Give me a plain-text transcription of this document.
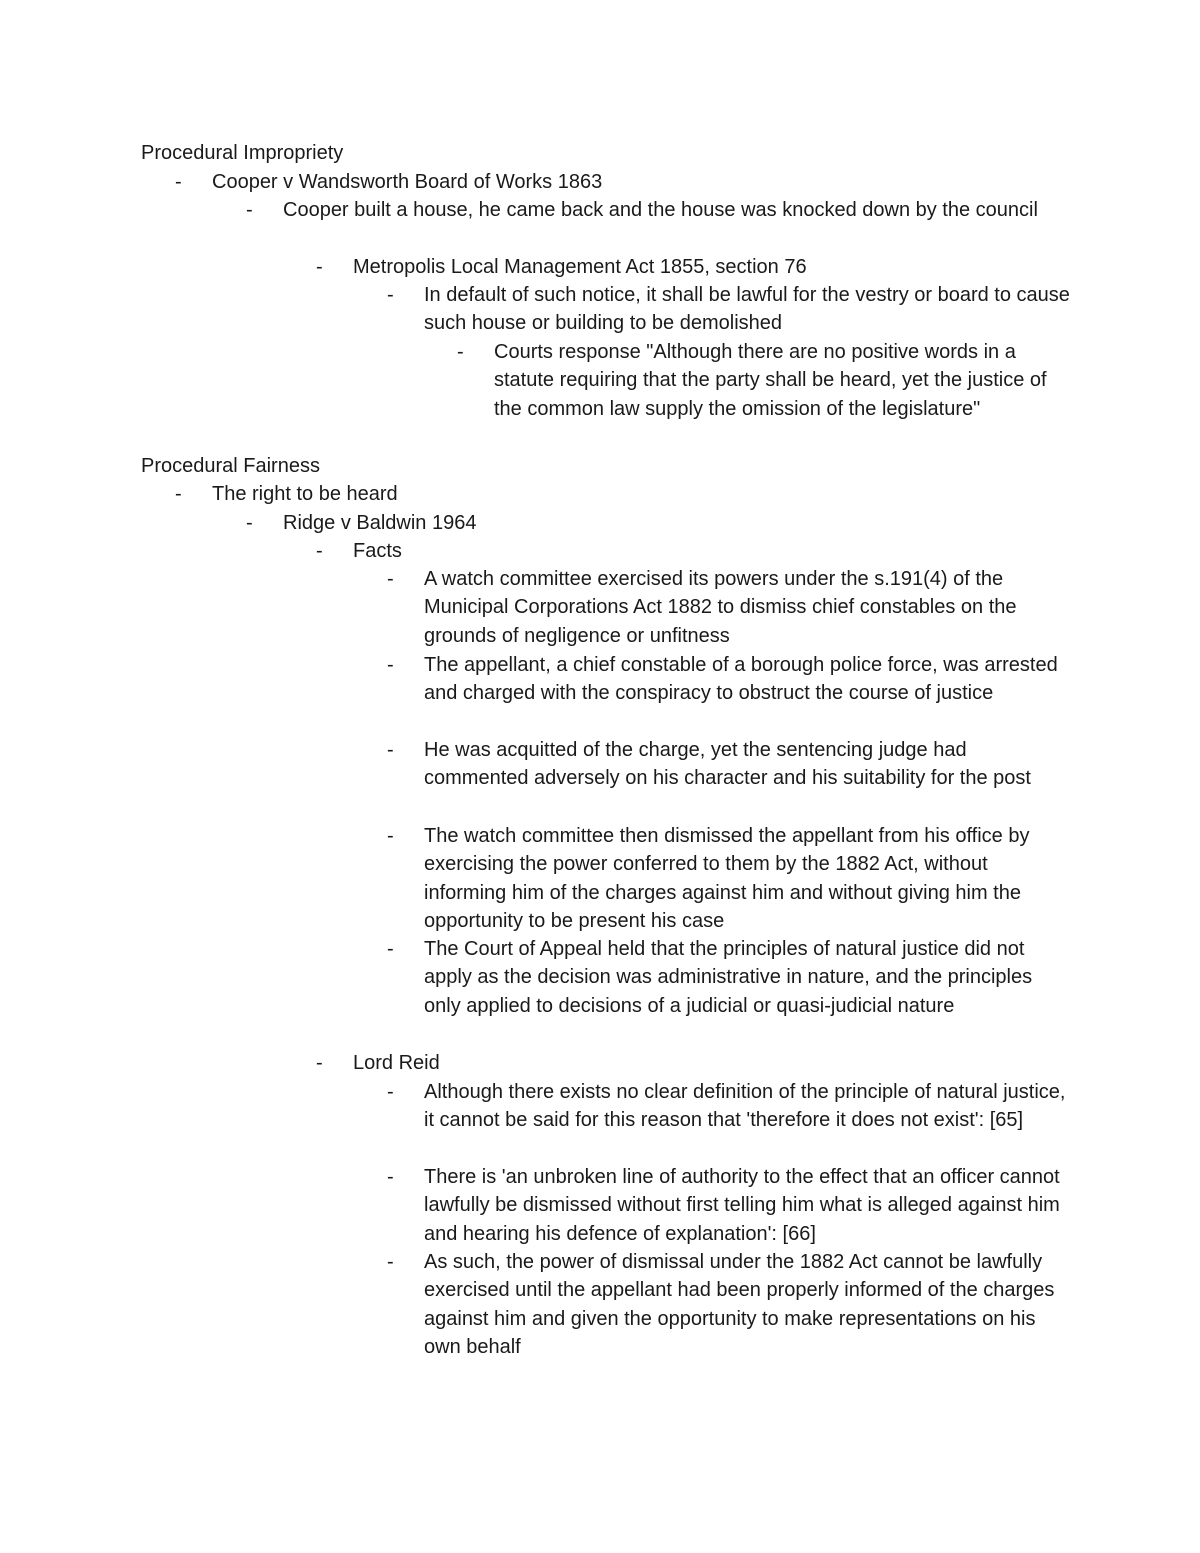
Procedural Impropriety
- Cooper v Wandsworth Board of Works 1863
- Cooper built a house, he came back and the house was knocked down by the council
- Metropolis Local Management Act 1855, section 76
- In default of such notice, it shall be lawful for the vestry or board to cause such house or building to be demolished
- Courts response "Although there are no positive words in a statute requiring that the party shall be heard, yet the justice of the common law supply the omission of the legislature"
Procedural Fairness
- The right to be heard
- Ridge v Baldwin 1964
- Facts
- A watch committee exercised its powers under the s.191(4) of the Municipal Corporations Act 1882 to dismiss chief constables on the grounds of negligence or unfitness
- The appellant, a chief constable of a borough police force, was arrested and charged with the conspiracy to obstruct the course of justice
- He was acquitted of the charge, yet the sentencing judge had commented adversely on his character and his suitability for the post
- The watch committee then dismissed the appellant from his office by exercising the power conferred to them by the 1882 Act, without informing him of the charges against him and without giving him the opportunity to be present his case
- The Court of Appeal held that the principles of natural justice did not apply as the decision was administrative in nature, and the principles only applied to decisions of a judicial or quasi-judicial nature
- Lord Reid
- Although there exists no clear definition of the principle of natural justice, it cannot be said for this reason that 'therefore it does not exist': [65]
- There is 'an unbroken line of authority to the effect that an officer cannot lawfully be dismissed without first telling him what is alleged against him and hearing his defence of explanation': [66]
- As such, the power of dismissal under the 1882 Act cannot be lawfully exercised until the appellant had been properly informed of the charges against him and given the opportunity to make representations on his own behalf
